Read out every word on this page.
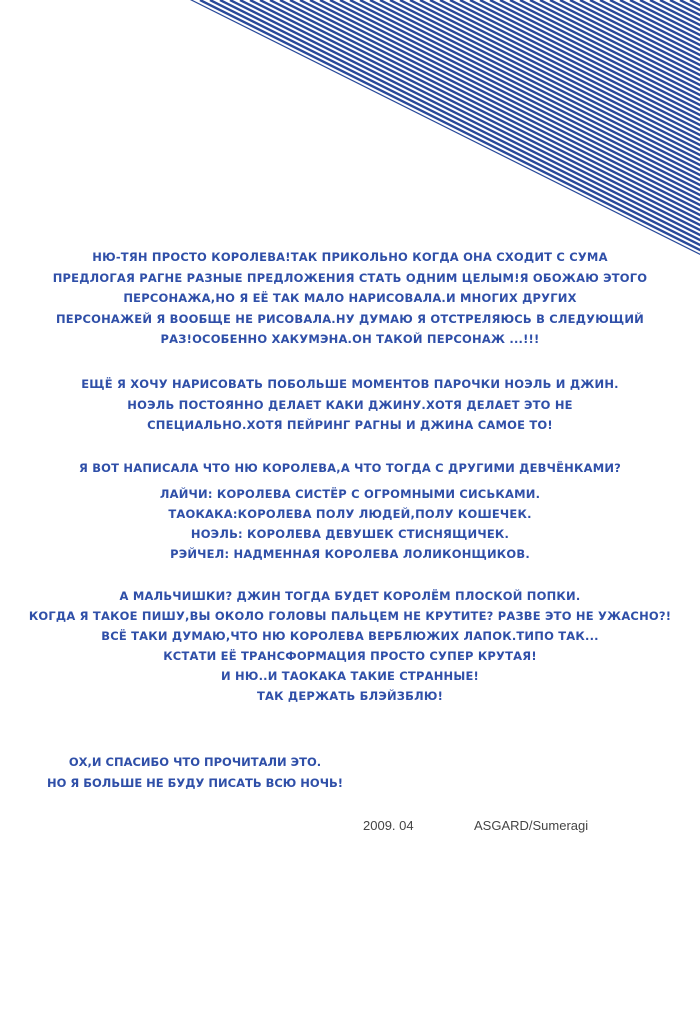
НЮ-ТЯН ПРОСТО КОРОЛЕВА!ТАК ПРИКОЛЬНО КОГДА ОНА СХОДИТ С СУМА
ПРЕДЛОГАЯ РАГНЕ РАЗНЫЕ ПРЕДЛОЖЕНИЯ СТАТЬ ОДНИМ ЦЕЛЫМ!Я ОБОЖАЮ ЭТОГО
ПЕРСОНАЖА,НО Я ЕЁ ТАК МАЛО НАРИСОВАЛА.И МНОГИХ ДРУГИХ
ПЕРСОНАЖЕЙ Я ВООБЩЕ НЕ РИСОВАЛА.НУ ДУМАЮ Я ОТСТРЕЛЯЮСЬ В СЛЕДУЮЩИЙ
РАЗ!ОСОБЕННО ХАКУМЭНА.ОН ТАКОЙ ПЕРСОНАЖ ...!!!
ЕЩЁ Я ХОЧУ НАРИСОВАТЬ ПОБОЛЬШЕ МОМЕНТОВ ПАРОЧКИ НОЭЛЬ И ДЖИН.
НОЭЛЬ ПОСТОЯННО ДЕЛАЕТ КАКИ ДЖИНУ.ХОТЯ ДЕЛАЕТ ЭТО НЕ
СПЕЦИАЛЬНО.ХОТЯ ПЕЙРИНГ РАГНЫ И ДЖИНА САМОЕ ТО!
Я ВОТ НАПИСАЛА ЧТО НЮ КОРОЛЕВА,А ЧТО ТОГДА С ДРУГИМИ ДЕВЧЁНКАМИ?
ЛАЙЧИ: КОРОЛЕВА СИСТЁР С ОГРОМНЫМИ СИСЬКАМИ.
ТАОКАКА:КОРОЛЕВА ПОЛУ ЛЮДЕЙ,ПОЛУ КОШЕЧЕК.
НОЭЛЬ: КОРОЛЕВА ДЕВУШЕК СТИСНЯЩИЧЕК.
РЭЙЧЕЛ: НАДМЕННАЯ КОРОЛЕВА ЛОЛИКОНЩИКОВ.
А МАЛЬЧИШКИ? ДЖИН ТОГДА БУДЕТ КОРОЛЁМ ПЛОСКОЙ ПОПКИ.
КОГДА Я ТАКОЕ ПИШУ,ВЫ ОКОЛО ГОЛОВЫ ПАЛЬЦЕМ НЕ КРУТИТЕ? РАЗВЕ ЭТО НЕ УЖАСНО?!
ВСЁ ТАКИ ДУМАЮ,ЧТО НЮ КОРОЛЕВА ВЕРБЛЮЖИХ ЛАПОК.ТИПО ТАК...
КСТАТИ ЕЁ ТРАНСФОРМАЦИЯ ПРОСТО СУПЕР КРУТАЯ!
И НЮ..И ТАОКАКА ТАКИЕ СТРАННЫЕ!
ТАК ДЕРЖАТЬ БЛЭЙЗБЛЮ!
ОХ,И СПАСИБО ЧТО ПРОЧИТАЛИ ЭТО.
НО Я БОЛЬШЕ НЕ БУДУ ПИСАТЬ ВСЮ НОЧЬ!
2009. 04	ASGARD/Sumeragi
